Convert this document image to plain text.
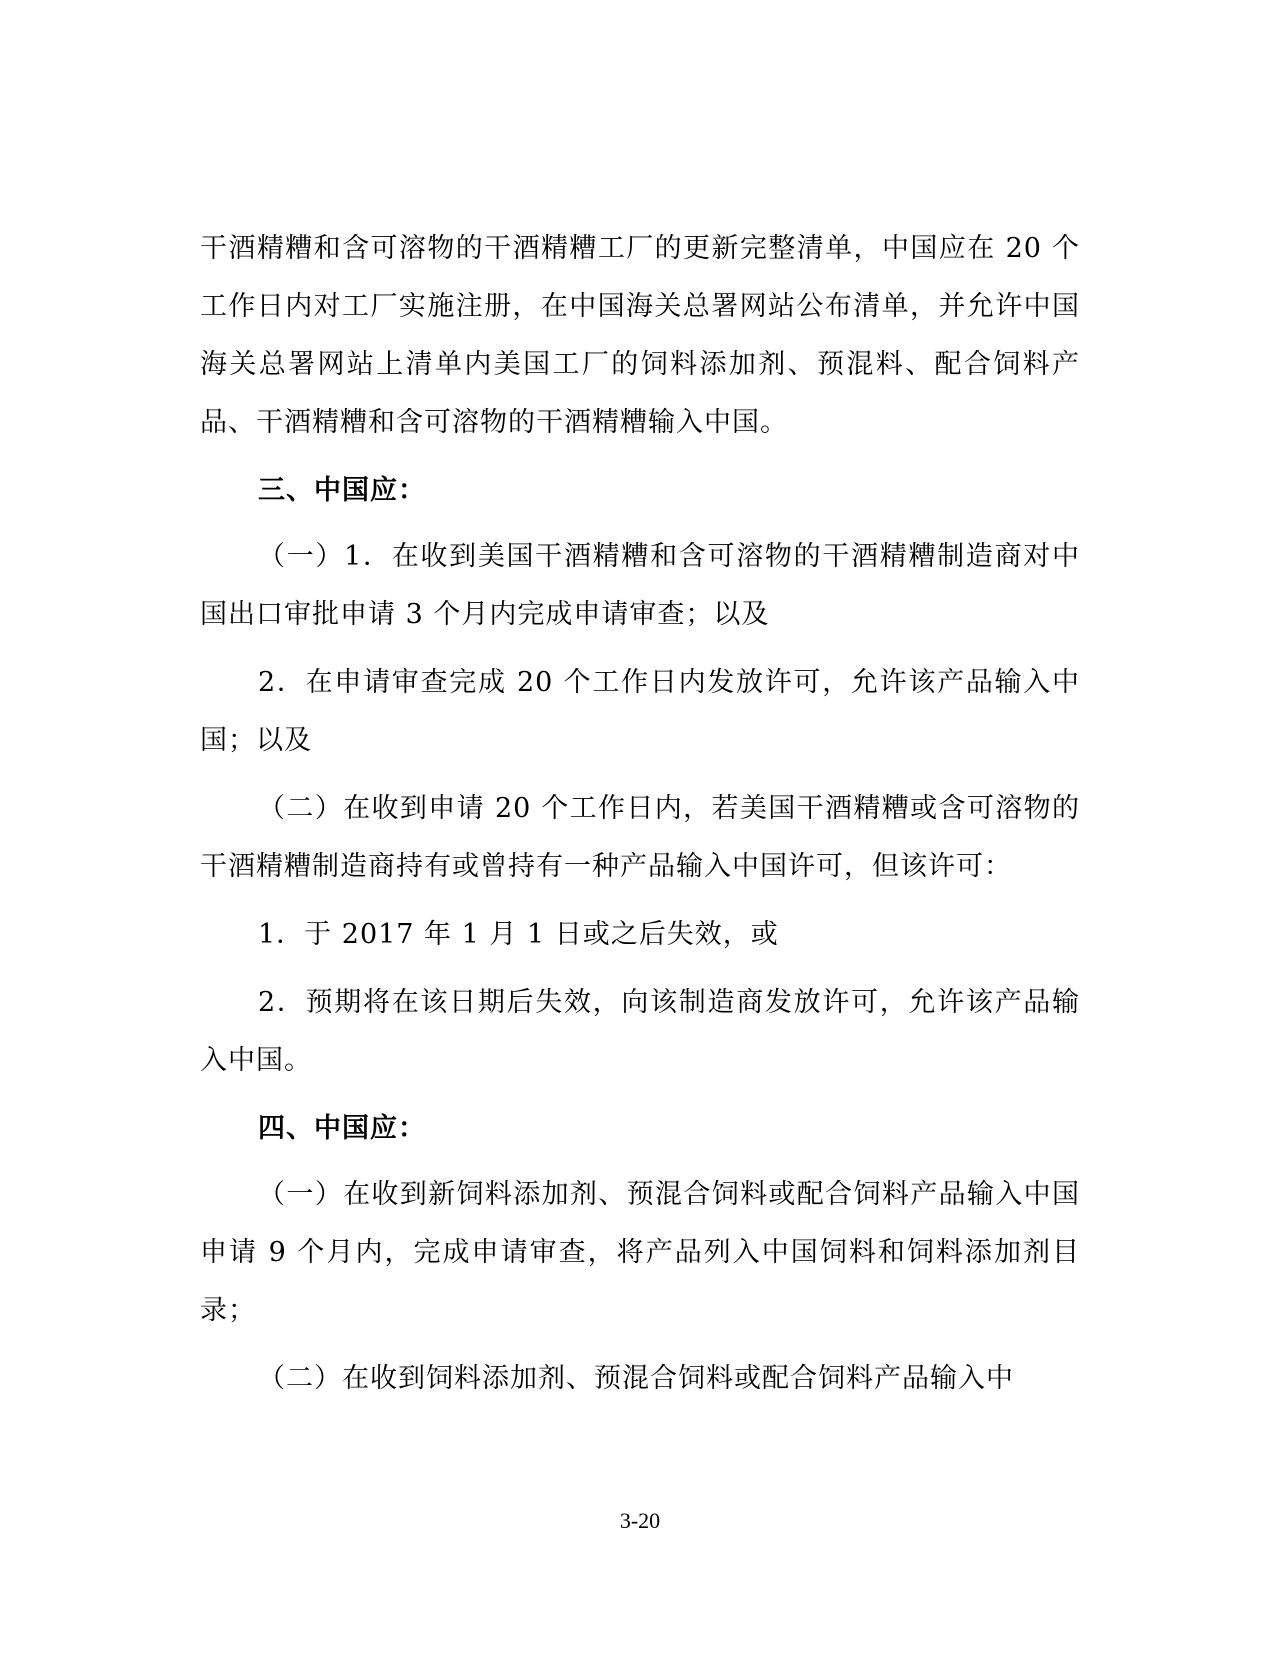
干酒精糟和含可溶物的干酒精糟工厂的更新完整清单，中国应在 20 个工作日内对工厂实施注册，在中国海关总署网站公布清单，并允许中国海关总署网站上清单内美国工厂的饲料添加剂、预混料、配合饲料产品、干酒精糟和含可溶物的干酒精糟输入中国。

三、中国应：

（一）1．在收到美国干酒精糟和含可溶物的干酒精糟制造商对中国出口审批申请 3 个月内完成申请审查；以及

2．在申请审查完成 20 个工作日内发放许可，允许该产品输入中国；以及

（二）在收到申请 20 个工作日内，若美国干酒精糟或含可溶物的干酒精糟制造商持有或曾持有一种产品输入中国许可，但该许可：

1．于 2017 年 1 月 1 日或之后失效，或

2．预期将在该日期后失效，向该制造商发放许可，允许该产品输入中国。

四、中国应：

（一）在收到新饲料添加剂、预混合饲料或配合饲料产品输入中国申请 9 个月内，完成申请审查，将产品列入中国饲料和饲料添加剂目录；

（二）在收到饲料添加剂、预混合饲料或配合饲料产品输入中

3-20
